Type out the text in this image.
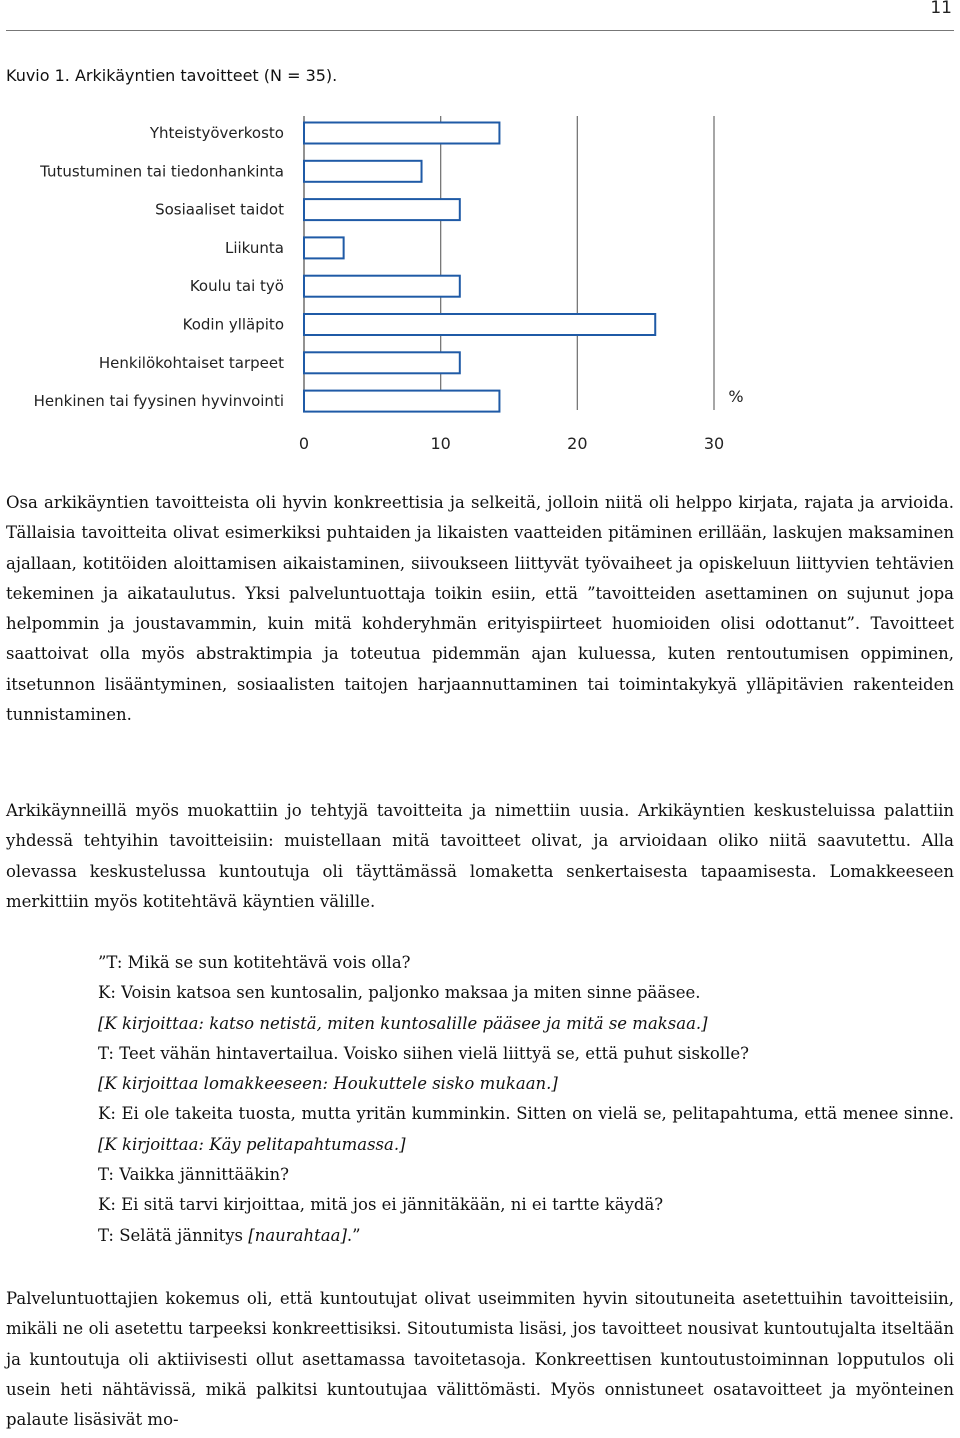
11
Kuvio 1. Arkikäyntien tavoitteet (N = 35).
Yhteistyöverkosto
Tutustuminen tai tiedonhankinta
Sosiaaliset taidot
Liikunta
Koulu tai työ
Kodin ylläpito
Henkilökohtaiset tarpeet
Henkinen tai fyysinen hyvinvointi
0	10	20	30
%

Osa arkikäyntien tavoitteista oli hyvin konkreettisia ja selkeitä, jolloin niitä oli helppo kirjata, rajata ja arvioida. Tällaisia tavoitteita olivat esimerkiksi puhtaiden ja likaisten vaatteiden pitäminen erillään, laskujen maksaminen ajallaan, kotitöiden aloittamisen aikaistaminen, siivoukseen liittyvät työvaiheet ja opiskeluun liittyvien tehtävien tekeminen ja aikataulutus. Yksi palveluntuottaja toikin esiin, että ”tavoitteiden asettaminen on sujunut jopa helpommin ja joustavammin, kuin mitä kohderyhmän erityispiirteet huomioiden olisi odottanut”. Tavoitteet saattoivat olla myös abstraktimpia ja toteutua pidemmän ajan kuluessa, kuten rentoutumisen oppiminen, itsetunnon lisääntyminen, sosiaalisten taitojen harjaannuttaminen tai toimintakykyä ylläpitävien rakenteiden tunnistaminen.

Arkikäynneillä myös muokattiin jo tehtyjä tavoitteita ja nimettiin uusia. Arkikäyntien keskusteluissa palattiin yhdessä tehtyihin tavoitteisiin: muistellaan mitä tavoitteet olivat, ja arvioidaan oliko niitä saavutettu. Alla olevassa keskustelussa kuntoutuja oli täyttämässä lomaketta senkertaisesta tapaamisesta. Lomakkeeseen merkittiin myös kotitehtävä käyntien välille.

”T: Mikä se sun kotitehtävä vois olla?
K: Voisin katsoa sen kuntosalin, paljonko maksaa ja miten sinne pääsee.
[K kirjoittaa: katso netistä, miten kuntosalille pääsee ja mitä se maksaa.]
T: Teet vähän hintavertailua. Voisko siihen vielä liittyä se, että puhut siskolle?
[K kirjoittaa lomakkeeseen: Houkuttele sisko mukaan.]
K: Ei ole takeita tuosta, mutta yritän kumminkin. Sitten on vielä se, pelitapahtuma, että menee sinne. [K kirjoittaa: Käy pelitapahtumassa.]
T: Vaikka jännittääkin?
K: Ei sitä tarvi kirjoittaa, mitä jos ei jännitäkään, ni ei tartte käydä?
T: Selätä jännitys [naurahtaa].”

Palveluntuottajien kokemus oli, että kuntoutujat olivat useimmiten hyvin sitoutuneita asetettuihin tavoitteisiin, mikäli ne oli asetettu tarpeeksi konkreettisiksi. Sitoutumista lisäsi, jos tavoitteet nousivat kuntoutujalta itseltään ja kuntoutuja oli aktiivisesti ollut asettamassa tavoitetasoja. Konkreettisen kuntoutustoiminnan lopputulos oli usein heti nähtävissä, mikä palkitsi kuntoutujaa välittömästi. Myös onnistuneet osatavoitteet ja myönteinen palaute lisäsivät mo-
